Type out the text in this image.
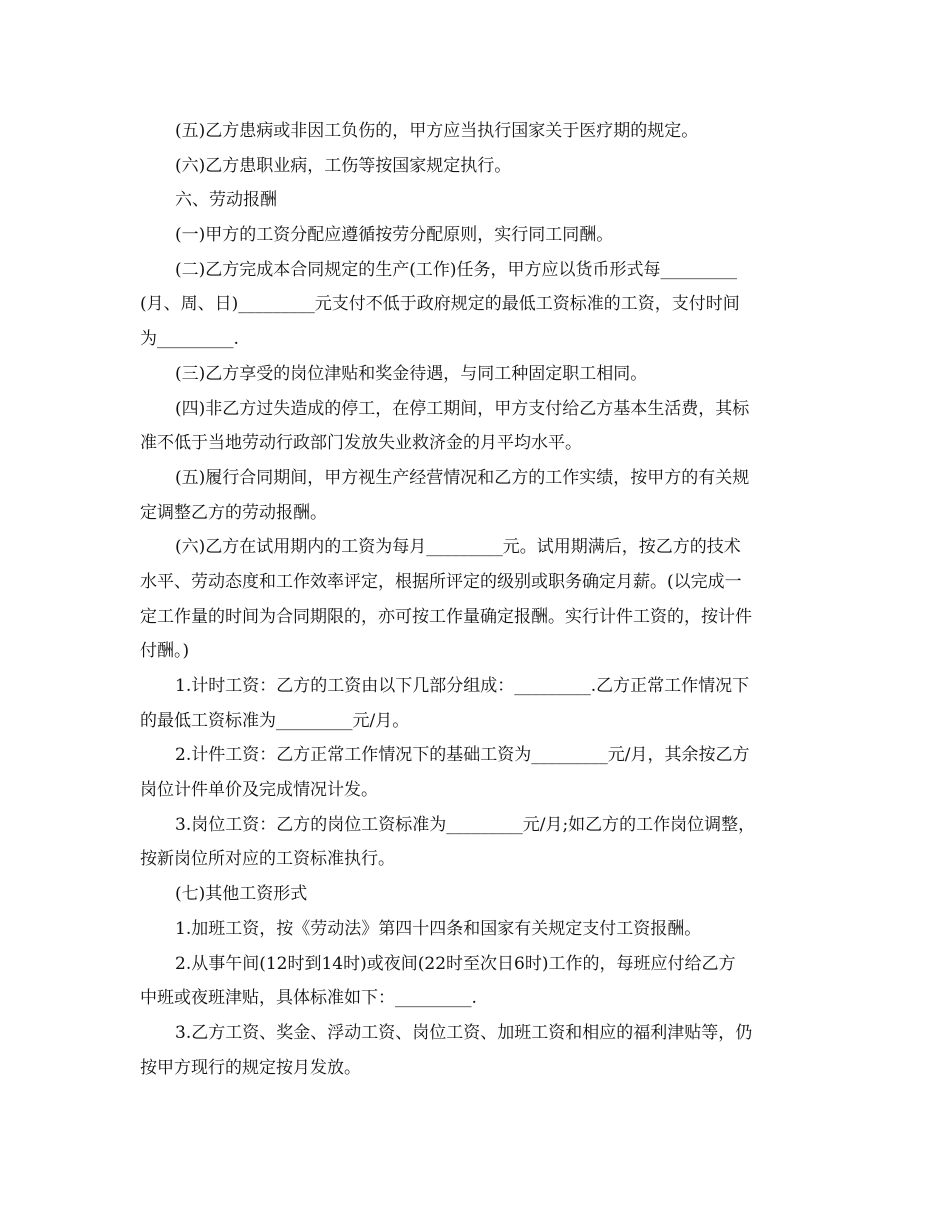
(五)乙方患病或非因工负伤的，甲方应当执行国家关于医疗期的规定。
(六)乙方患职业病，工伤等按国家规定执行。
六、劳动报酬
(一)甲方的工资分配应遵循按劳分配原则，实行同工同酬。
(二)乙方完成本合同规定的生产(工作)任务，甲方应以货币形式每_________
(月、周、日)_________元支付不低于政府规定的最低工资标准的工资，支付时间
为_________.
(三)乙方享受的岗位津贴和奖金待遇，与同工种固定职工相同。
(四)非乙方过失造成的停工，在停工期间，甲方支付给乙方基本生活费，其标
准不低于当地劳动行政部门发放失业救济金的月平均水平。
(五)履行合同期间，甲方视生产经营情况和乙方的工作实绩，按甲方的有关规
定调整乙方的劳动报酬。
(六)乙方在试用期内的工资为每月_________元。试用期满后，按乙方的技术
水平、劳动态度和工作效率评定，根据所评定的级别或职务确定月薪。(以完成一
定工作量的时间为合同期限的，亦可按工作量确定报酬。实行计件工资的，按计件
付酬。)
1.计时工资：乙方的工资由以下几部分组成：_________.乙方正常工作情况下
的最低工资标准为_________元/月。
2.计件工资：乙方正常工作情况下的基础工资为_________元/月，其余按乙方
岗位计件单价及完成情况计发。
3.岗位工资：乙方的岗位工资标准为_________元/月;如乙方的工作岗位调整，
按新岗位所对应的工资标准执行。
(七)其他工资形式
1.加班工资，按《劳动法》第四十四条和国家有关规定支付工资报酬。
2.从事午间(12时到14时)或夜间(22时至次日6时)工作的，每班应付给乙方
中班或夜班津贴，具体标准如下：_________.
3.乙方工资、奖金、浮动工资、岗位工资、加班工资和相应的福利津贴等，仍
按甲方现行的规定按月发放。
